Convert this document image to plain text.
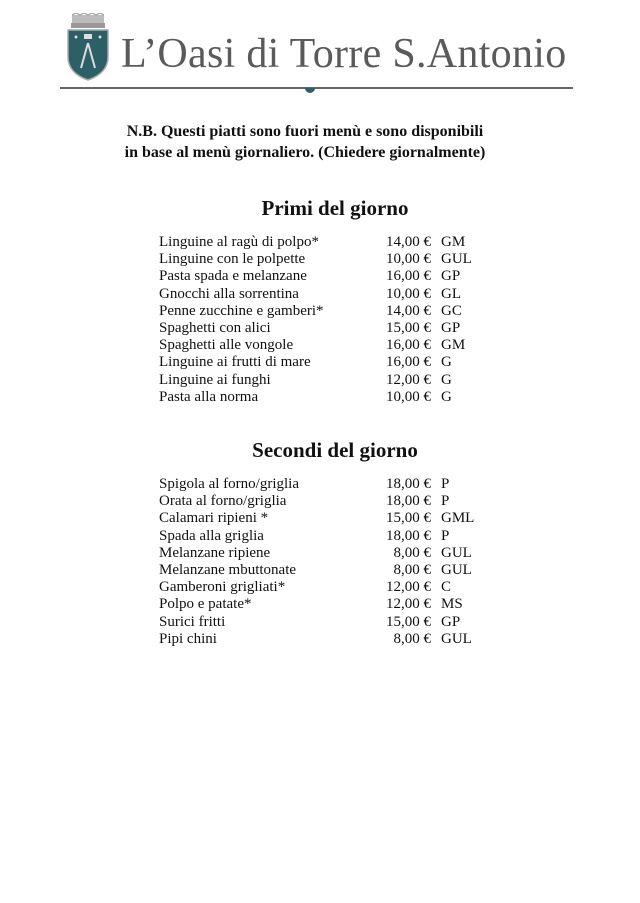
L’Oasi di Torre S.Antonio
N.B. Questi piatti sono fuori menù e sono disponibili
in base al menù giornaliero. (Chiedere giornalmente)
Primi del giorno
Linguine al ragù di polpo*	14,00 € GM
Linguine con le polpette	10,00 € GUL
Pasta spada e melanzane	16,00 € GP
Gnocchi alla sorrentina	10,00 € GL
Penne zucchine e gamberi*	14,00 € GC
Spaghetti con alici	15,00 € GP
Spaghetti alle vongole	16,00 € GM
Linguine ai frutti di mare	16,00 € G
Linguine ai funghi	12,00 € G
Pasta alla norma	10,00 € G
Secondi del giorno
Spigola al forno/griglia	18,00 € P
Orata al forno/griglia	18,00 € P
Calamari ripieni *	15,00 € GML
Spada alla griglia	18,00 € P
Melanzane ripiene	8,00 € GUL
Melanzane mbuttonate	8,00 € GUL
Gamberoni grigliati*	12,00 € C
Polpo e patate*	12,00 € MS
Surici fritti	15,00 € GP
Pipi chini	8,00 € GUL
